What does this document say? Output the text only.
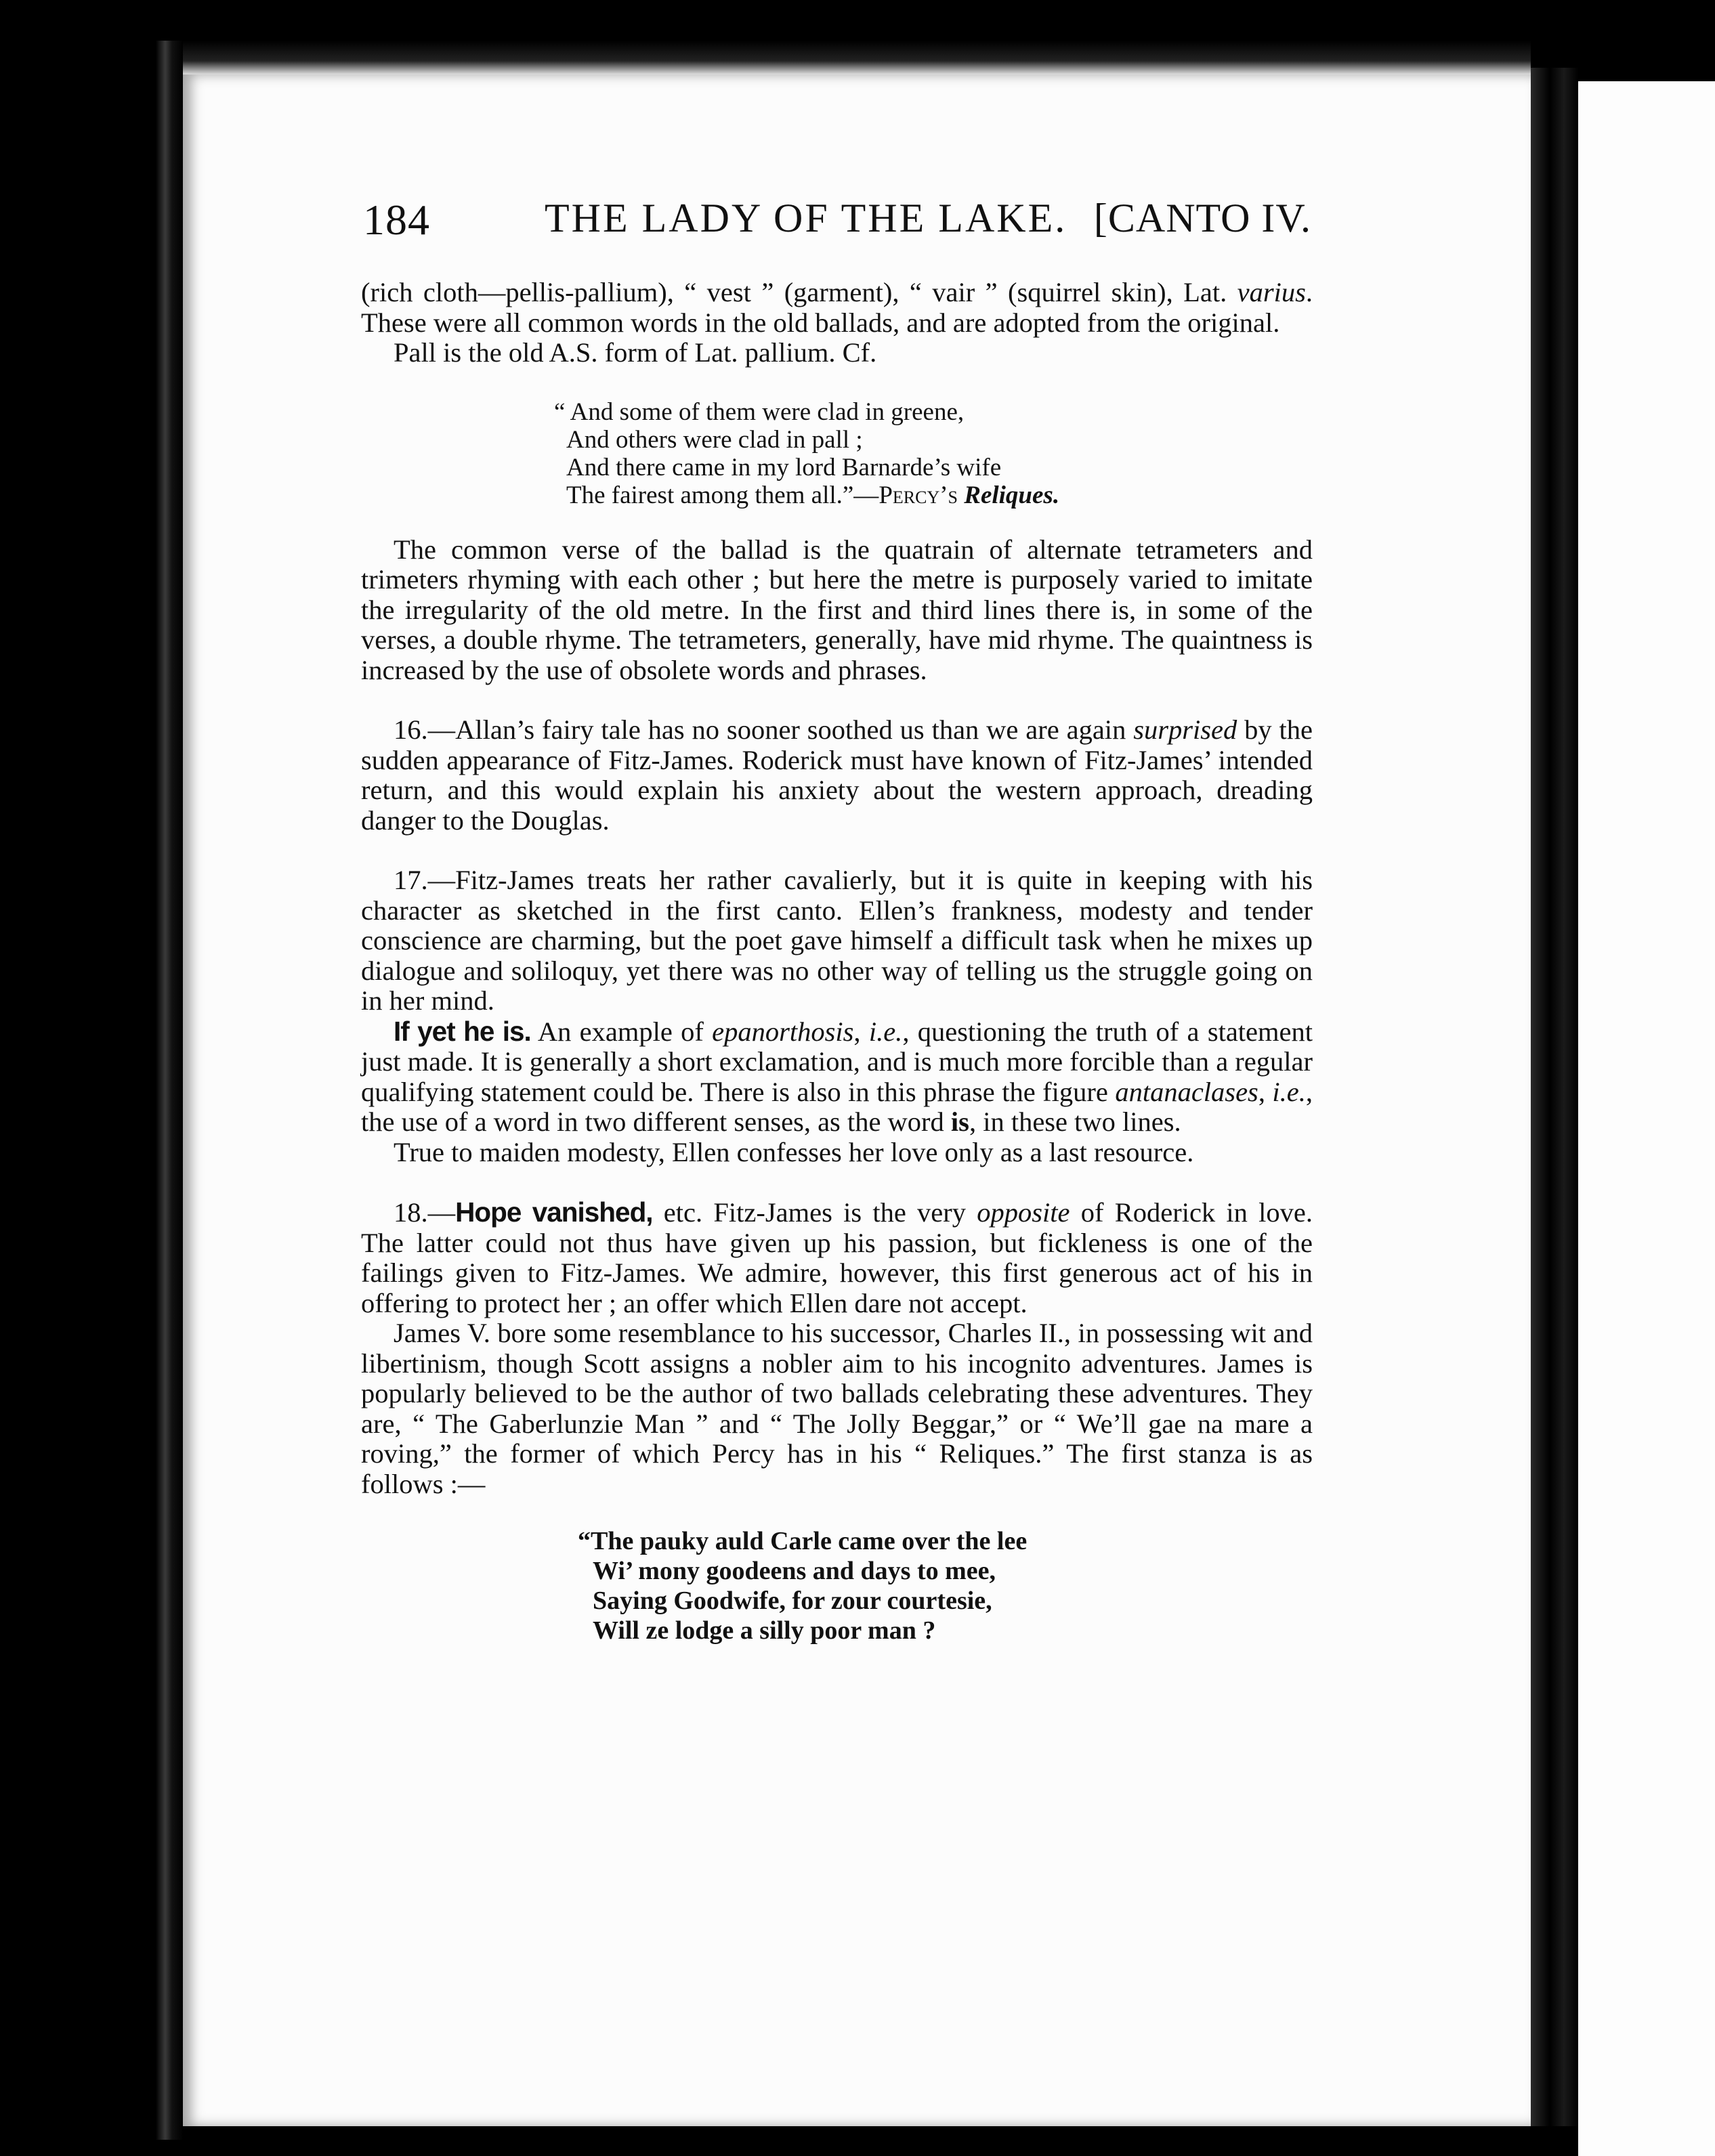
184	THE LADY OF THE LAKE. [CANTO IV.

(rich cloth—pellis-pallium), “ vest ” (garment), “ vair ” (squirrel skin), Lat. varius. These were all common words in the old ballads, and are adopted from the original.

Pall is the old A.S. form of Lat. pallium. Cf.

“ And some of them were clad in greene,
And others were clad in pall ;
And there came in my lord Barnarde’s wife
The fairest among them all.”—Percy’s Reliques.

The common verse of the ballad is the quatrain of alternate tetrameters and trimeters rhyming with each other ; but here the metre is purposely varied to imitate the irregularity of the old metre. In the first and third lines there is, in some of the verses, a double rhyme. The tetrameters, generally, have mid rhyme. The quaintness is increased by the use of obsolete words and phrases.

16.—Allan’s fairy tale has no sooner soothed us than we are again surprised by the sudden appearance of Fitz-James. Roderick must have known of Fitz-James’ intended return, and this would explain his anxiety about the western approach, dreading danger to the Douglas.

17.—Fitz-James treats her rather cavalierly, but it is quite in keeping with his character as sketched in the first canto. Ellen’s frankness, modesty and tender conscience are charming, but the poet gave himself a difficult task when he mixes up dialogue and soliloquy, yet there was no other way of telling us the struggle going on in her mind.

If yet he is. An example of epanorthosis, i.e., questioning the truth of a statement just made. It is generally a short exclamation, and is much more forcible than a regular qualifying statement could be. There is also in this phrase the figure antanaclases, i.e., the use of a word in two different senses, as the word is, in these two lines.

True to maiden modesty, Ellen confesses her love only as a last resource.

18.—Hope vanished, etc. Fitz-James is the very opposite of Roderick in love. The latter could not thus have given up his passion, but fickleness is one of the failings given to Fitz-James. We admire, however, this first generous act of his in offering to protect her ; an offer which Ellen dare not accept.

James V. bore some resemblance to his successor, Charles II., in possessing wit and libertinism, though Scott assigns a nobler aim to his incognito adventures. James is popularly believed to be the author of two ballads celebrating these adventures. They are, “ The Gaberlunzie Man ” and “ The Jolly Beggar,” or “ We’ll gae na mare a roving,” the former of which Percy has in his “ Reliques.” The first stanza is as follows :—

“The pauky auld Carle came over the lee
Wi’ mony goodeens and days to mee,
Saying Goodwife, for zour courtesie,
Will ze lodge a silly poor man ?
